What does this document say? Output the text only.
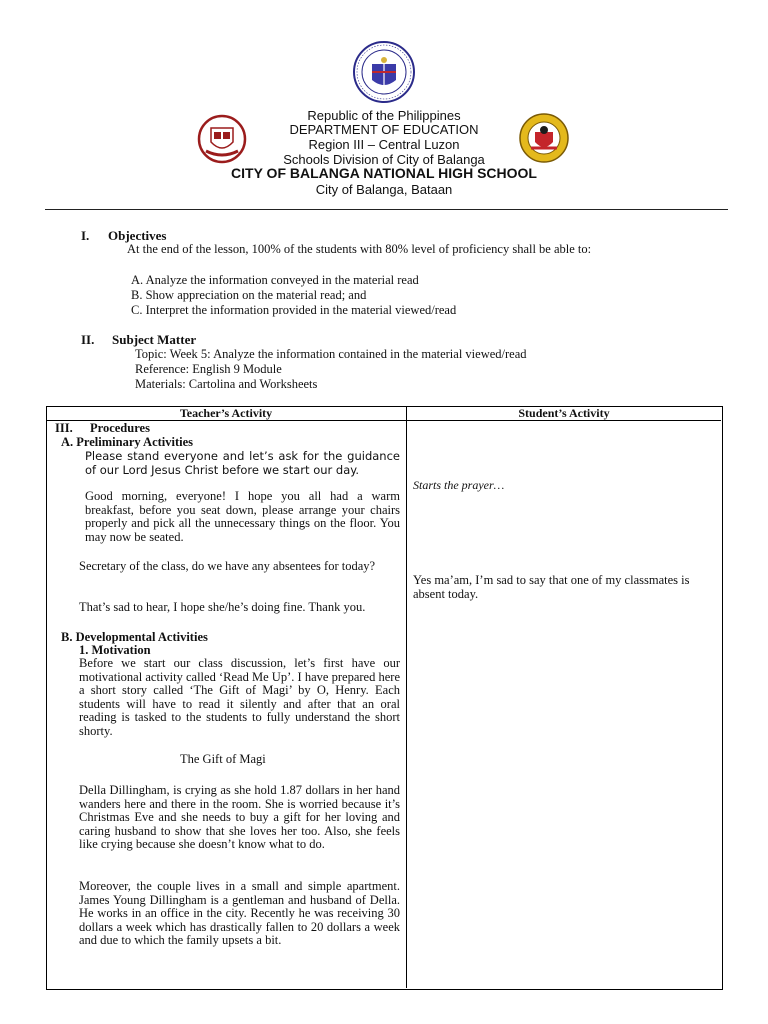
Republic of the Philippines
DEPARTMENT OF EDUCATION
Region III – Central Luzon
Schools Division of City of Balanga
CITY OF BALANGA NATIONAL HIGH SCHOOL
City of Balanga, Bataan
I. Objectives
At the end of the lesson, 100% of the students with 80% level of proficiency shall be able to:
A. Analyze the information conveyed in the material read
B. Show appreciation on the material read; and
C. Interpret the information provided in the material viewed/read
II. Subject Matter
Topic: Week 5: Analyze the information contained in the material viewed/read
Reference: English 9 Module
Materials: Cartolina and Worksheets
Teacher’s Activity	Student’s Activity
III. Procedures
A. Preliminary Activities
Please stand everyone and let’s ask for the guidance of our Lord Jesus Christ before we start our day.
Good morning, everyone! I hope you all had a warm breakfast, before you seat down, please arrange your chairs properly and pick all the unnecessary things on the floor. You may now be seated.
Secretary of the class, do we have any absentees for today?
That’s sad to hear, I hope she/he’s doing fine. Thank you.
B. Developmental Activities
1. Motivation
Before we start our class discussion, let’s first have our motivational activity called ‘Read Me Up’. I have prepared here a short story called ‘The Gift of Magi’ by O, Henry. Each students will have to read it silently and after that an oral reading is tasked to the students to fully understand the short shorty.
The Gift of Magi
Della Dillingham, is crying as she hold 1.87 dollars in her hand wanders here and there in the room. She is worried because it’s Christmas Eve and she needs to buy a gift for her loving and caring husband to show that she loves her too. Also, she feels like crying because she doesn’t know what to do.
Moreover, the couple lives in a small and simple apartment. James Young Dillingham is a gentleman and husband of Della. He works in an office in the city. Recently he was receiving 30 dollars a week which has drastically fallen to 20 dollars a week and due to which the family upsets a bit.
Starts the prayer…
Yes ma’am, I’m sad to say that one of my classmates is absent today.
